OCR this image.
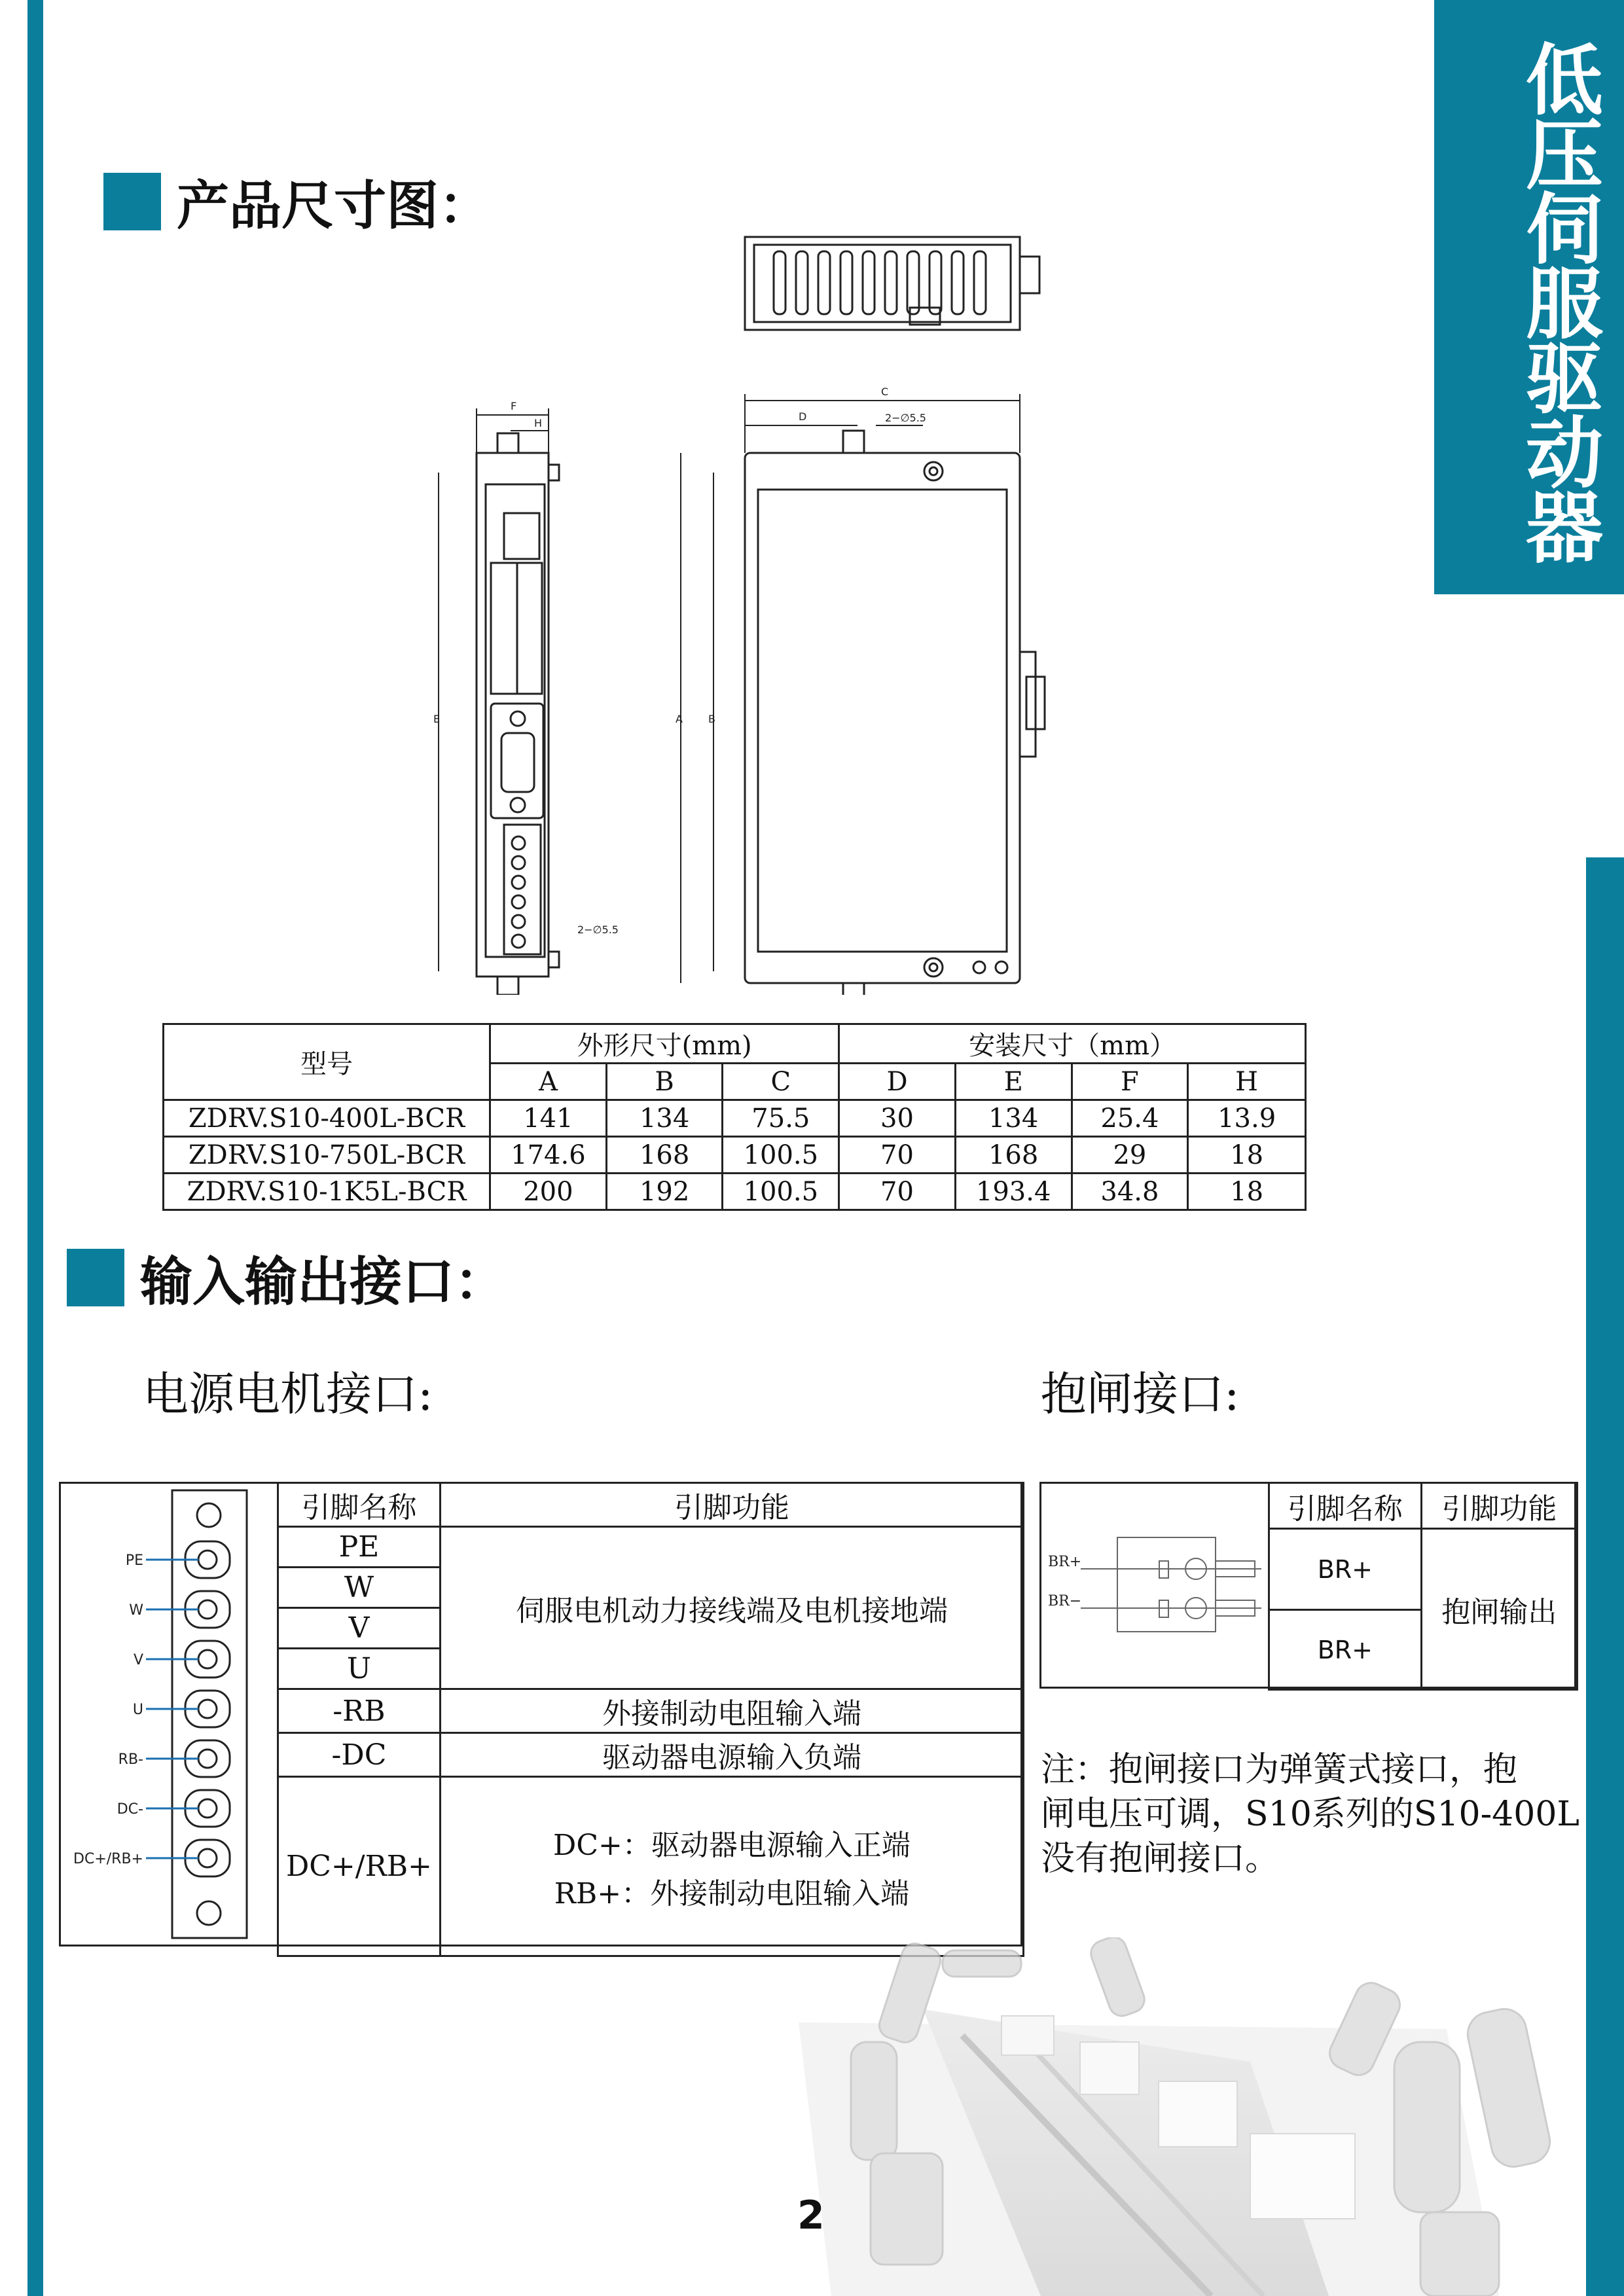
低压伺服驱动器
产品尺寸图：
C
D
F
H
E	A B
2−∅5.5
2−∅5.5
型号	外形尺寸(mm)			安装尺寸（mm）			
	A	B	C	D	E	F	H
ZDRV.S10-400L-BCR	141	134	75.5	30	134	25.4	13.9
ZDRV.S10-750L-BCR	174.6	168	100.5	70	168	29	18
ZDRV.S10-1K5L-BCR	200	192	100.5	70	193.4	34.8	18
输入输出接口：
电源电机接口:	抱闸接口:
PE
W
V
U
RB-
DC-
DC+/RB+
引脚名称	引脚功能
PE	伺服电机动力接线端及电机接地端
W	
V	
U	
-RB	外接制动电阻输入端
-DC	驱动器电源输入负端
DC+/RB+	DC+：驱动器电源输入正端
RB+：外接制动电阻输入端
BR+
BR−
引脚名称	引脚功能
BR+	抱闸输出
BR+	
注：抱闸接口为弹簧式接口，抱
闸电压可调，S10系列的S10-400L
没有抱闸接口。
2
